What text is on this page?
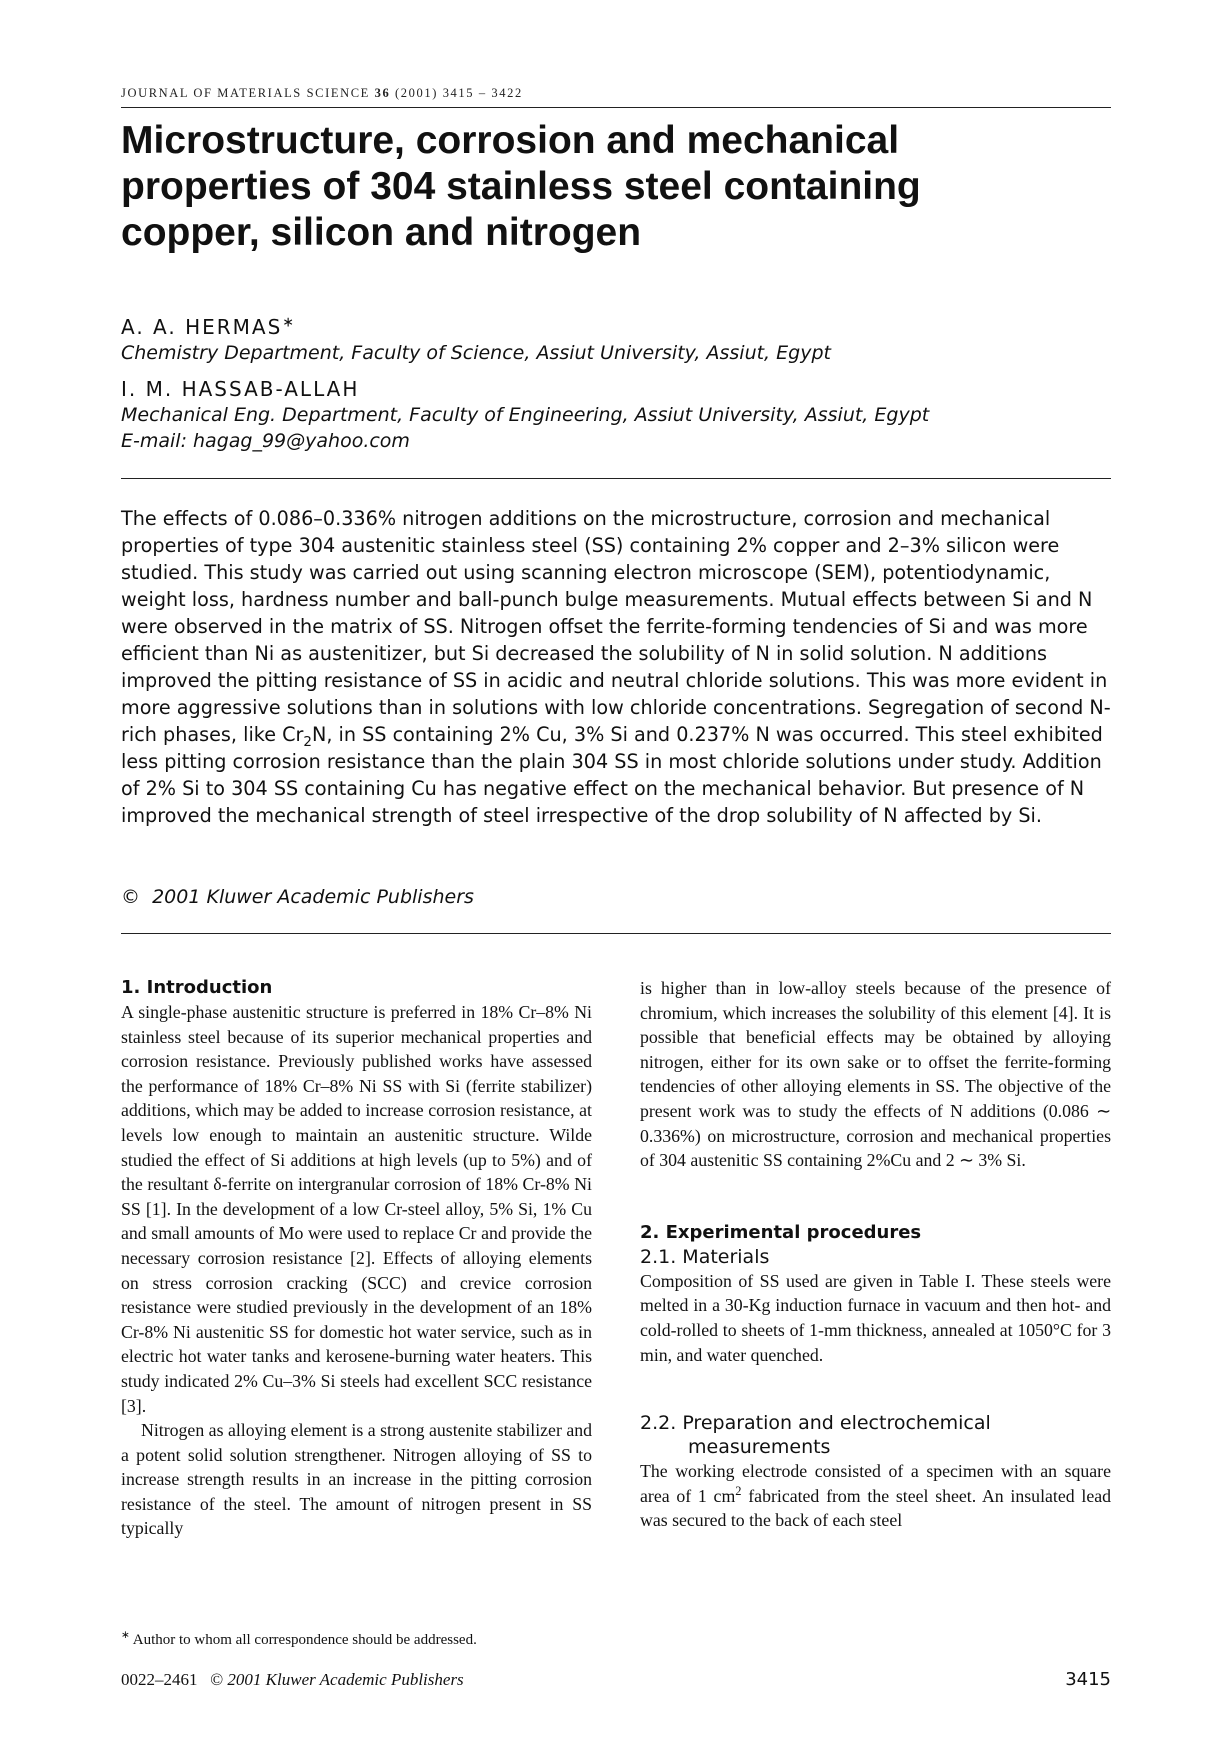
JOURNAL OF MATERIALS SCIENCE 36 (2001) 3415 – 3422
Microstructure, corrosion and mechanical properties of 304 stainless steel containing copper, silicon and nitrogen
A. A. HERMAS∗
Chemistry Department, Faculty of Science, Assiut University, Assiut, Egypt
I. M. HASSAB-ALLAH
Mechanical Eng. Department, Faculty of Engineering, Assiut University, Assiut, Egypt
E-mail: hagag_99@yahoo.com

The effects of 0.086–0.336% nitrogen additions on the microstructure, corrosion and mechanical properties of type 304 austenitic stainless steel (SS) containing 2% copper and 2–3% silicon were studied. This study was carried out using scanning electron microscope (SEM), potentiodynamic, weight loss, hardness number and ball-punch bulge measurements. Mutual effects between Si and N were observed in the matrix of SS. Nitrogen offset the ferrite-forming tendencies of Si and was more efficient than Ni as austenitizer, but Si decreased the solubility of N in solid solution. N additions improved the pitting resistance of SS in acidic and neutral chloride solutions. This was more evident in more aggressive solutions than in solutions with low chloride concentrations. Segregation of second N-rich phases, like $Cr_2N$, in SS containing 2% Cu, 3% Si and 0.237% N was occurred. This steel exhibited less pitting corrosion resistance than the plain 304 SS in most chloride solutions under study. Addition of 2% Si to 304 SS containing Cu has negative effect on the mechanical behavior. But presence of N improved the mechanical strength of steel irrespective of the drop solubility of N affected by Si.

© 2001 Kluwer Academic Publishers
1. Introduction

A single-phase austenitic structure is preferred in 18% Cr–8% Ni stainless steel because of its superior mechanical properties and corrosion resistance. Previously published works have assessed the performance of 18% Cr–8% Ni SS with Si (ferrite stabilizer) additions, which may be added to increase corrosion resistance, at levels low enough to maintain an austenitic structure. Wilde studied the effect of Si additions at high levels (up to 5%) and of the resultant δ-ferrite on intergranular corrosion of 18% Cr-8% Ni SS [1]. In the development of a low Cr-steel alloy, 5% Si, 1% Cu and small amounts of Mo were used to replace Cr and provide the necessary corrosion resistance [2]. Effects of alloying elements on stress corrosion cracking (SCC) and crevice corrosion resistance were studied previously in the development of an 18% Cr-8% Ni austenitic SS for domestic hot water service, such as in electric hot water tanks and kerosene-burning water heaters. This study indicated 2% Cu–3% Si steels had excellent SCC resistance [3].

Nitrogen as alloying element is a strong austenite stabilizer and a potent solid solution strengthener. Nitrogen alloying of SS to increase strength results in an increase in the pitting corrosion resistance of the steel. The amount of nitrogen present in SS typically

is higher than in low-alloy steels because of the presence of chromium, which increases the solubility of this element [4]. It is possible that beneficial effects may be obtained by alloying nitrogen, either for its own sake or to offset the ferrite-forming tendencies of other alloying elements in SS. The objective of the present work was to study the effects of N additions (0.086 ∼ 0.336%) on microstructure, corrosion and mechanical properties of 304 austenitic SS containing 2%Cu and 2 ∼ 3% Si.

2. Experimental procedures
2.1. Materials

Composition of SS used are given in Table I. These steels were melted in a 30-Kg induction furnace in vacuum and then hot- and cold-rolled to sheets of 1-mm thickness, annealed at 1050°C for 3 min, and water quenched.

2.2. Preparation and electrochemical
measurements

The working electrode consisted of a specimen with an square area of 1 $cm^2$ fabricated from the steel sheet. An insulated lead was secured to the back of each steel

∗ Author to whom all correspondence should be addressed.
0022–2461 © 2001 Kluwer Academic Publishers	3415
